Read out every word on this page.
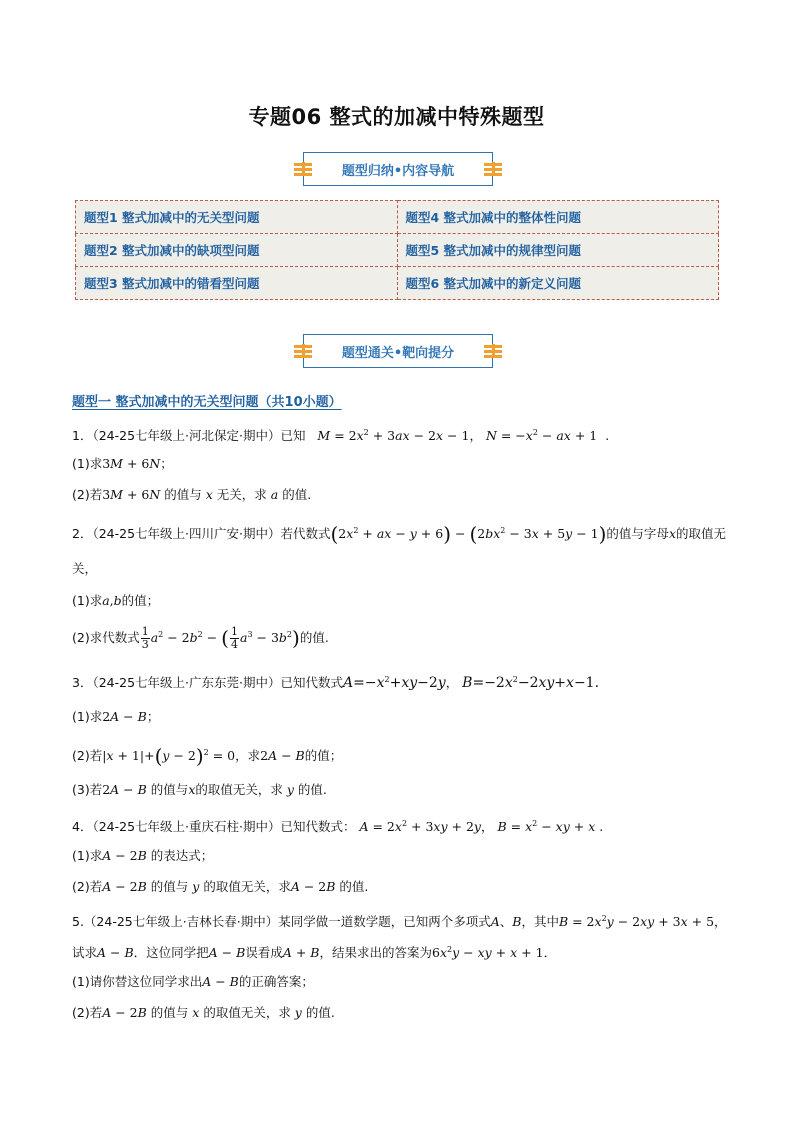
专题06 整式的加减中特殊题型
题型归纳•内容导航
题型1 整式加减中的无关型问题	题型4 整式加减中的整体性问题
题型2 整式加减中的缺项型问题	题型5 整式加减中的规律型问题
题型3 整式加减中的错看型问题	题型6 整式加减中的新定义问题
题型通关•靶向提分
题型一 整式加减中的无关型问题（共10小题）
1．（24-25七年级上·河北保定·期中）已知   $M = 2x^2 + 3ax - 2x - 1$， $N = -x^2$ − ax + 1  .
(1)求3M + 6N；
(2)若3M + 6N 的值与 x 无关，求 a 的值.
2．（24-25七年级上·四川广安·期中）若代数式($2x^2$ + ax − $y + 6) - (2bx^2 - 3x + 5y - 1)$的值与字母x的取值无
关，
(1)求a,b的值；
(2)求代数式 $\frac{1}{3} a^2 - 2b^2$ − ( $\frac{1}{4} a^3 - 3b^2$)的值.
3．（24-25七年级上·广东东莞·期中）已知代数式$A=-x^2+xy-2y$， $B=-2x^2-2xy+x-1$.
(1)求2A − B；
(2)若$|x + 1|+(y - 2)^2 = 0$，求2A − B的值；
(3)若2A − B 的值与x的取值无关，求 y 的值.
4．（24-25七年级上·重庆石柱·期中）已知代数式： $A = 2x^2 + 3xy + 2y$， $B = x^2$ − xy + x .
(1)求A − 2B 的表达式；
(2)若A − 2B 的值与 y 的取值无关，求A − 2B 的值.
5.（24-25七年级上·吉林长春·期中）某同学做一道数学题，已知两个多项式A、B，其中$B = 2x^2y - 2xy + 3x + 5$，
试求A − B．这位同学把A − B误看成A + B，结果求出的答案为$6x^2y$ − xy + x + 1．
(1)请你替这位同学求出A − B的正确答案；
(2)若A − 2B 的值与 x 的取值无关，求 y 的值.
